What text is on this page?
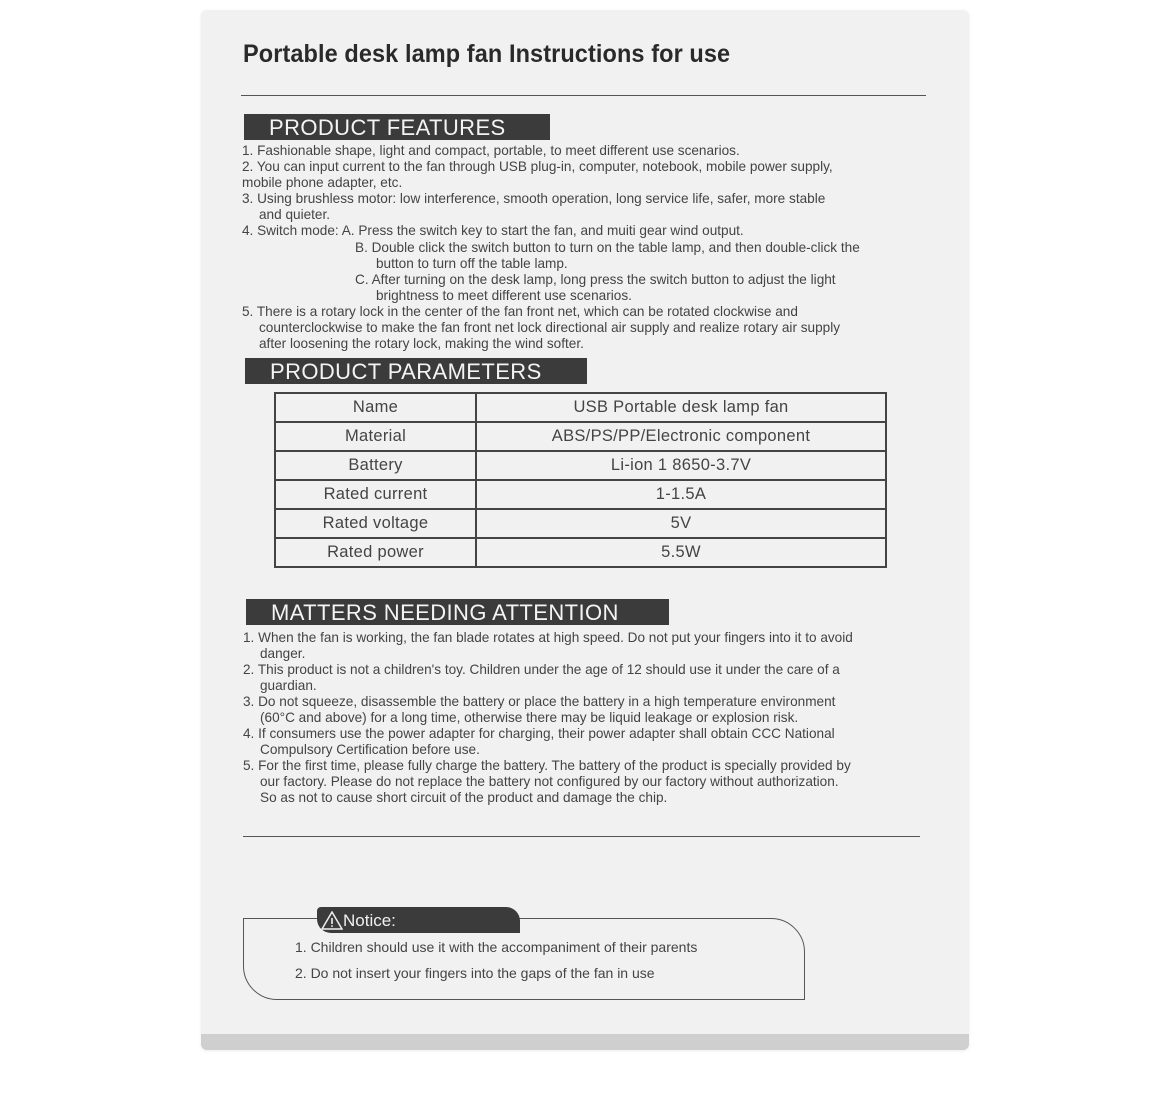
Portable desk lamp fan Instructions for use
PRODUCT FEATURES
1. Fashionable shape, light and compact, portable, to meet different use scenarios.
2. You can input current to the fan through USB plug-in, computer, notebook, mobile power supply,
mobile phone adapter, etc.
3. Using brushless motor: low interference, smooth operation, long service life, safer, more stable
and quieter.
4. Switch mode: A. Press the switch key to start the fan, and muiti gear wind output.
B. Double click the switch button to turn on the table lamp, and then double-click the
button to turn off the table lamp.
C. After turning on the desk lamp, long press the switch button to adjust the light
brightness to meet different use scenarios.
5. There is a rotary lock in the center of the fan front net, which can be rotated clockwise and
counterclockwise to make the fan front net lock directional air supply and realize rotary air supply
after loosening the rotary lock, making the wind softer.
PRODUCT PARAMETERS
Name	USB Portable desk lamp fan
Material	ABS/PS/PP/Electronic component
Battery	Li-ion 1 8650-3.7V
Rated current	1-1.5A
Rated voltage	5V
Rated power	5.5W
MATTERS NEEDING ATTENTION
1. When the fan is working, the fan blade rotates at high speed. Do not put your fingers into it to avoid
danger.
2. This product is not a children's toy. Children under the age of 12 should use it under the care of a
guardian.
3. Do not squeeze, disassemble the battery or place the battery in a high temperature environment
(60°C and above) for a long time, otherwise there may be liquid leakage or explosion risk.
4. If consumers use the power adapter for charging, their power adapter shall obtain CCC National
Compulsory Certification before use.
5. For the first time, please fully charge the battery. The battery of the product is specially provided by
our factory. Please do not replace the battery not configured by our factory without authorization.
So as not to cause short circuit of the product and damage the chip.
Notice:
1. Children should use it with the accompaniment of their parents
2. Do not insert your fingers into the gaps of the fan in use
